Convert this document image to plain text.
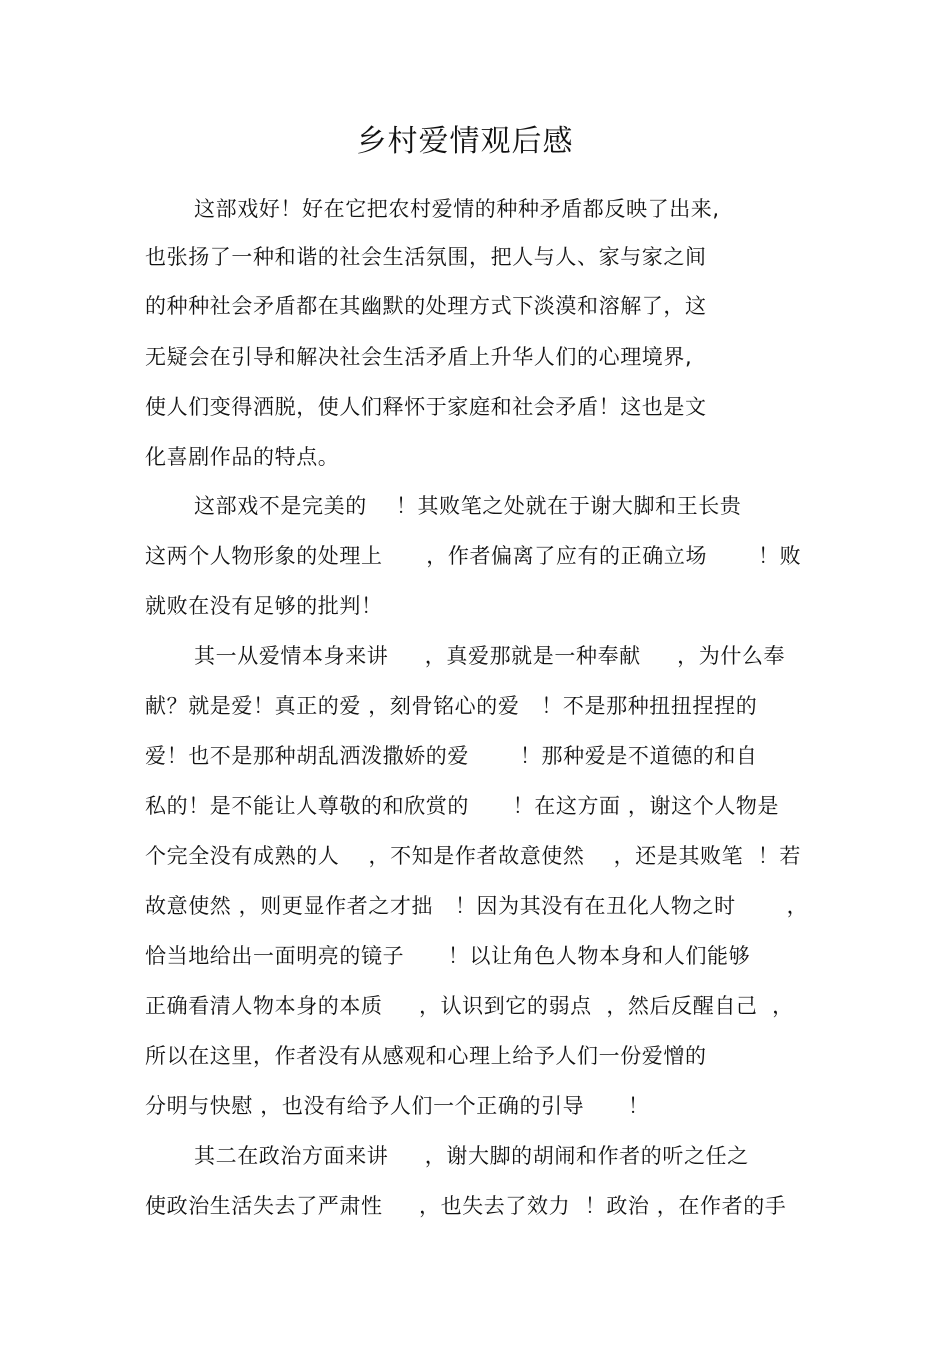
乡村爱情观后感
这部戏好！好在它把农村爱情的种种矛盾都反映了出来,
也张扬了一种和谐的社会生活氛围，把人与人、家与家之间
的种种社会矛盾都在其幽默的处理方式下淡漠和溶解了，这
无疑会在引导和解决社会生活矛盾上升华人们的心理境界,
使人们变得洒脱，使人们释怀于家庭和社会矛盾！这也是文
化喜剧作品的特点。
这部戏不是完美的    ！其败笔之处就在于谢大脚和王长贵
这两个人物形象的处理上      ，作者偏离了应有的正确立场       ！败
就败在没有足够的批判！
其一从爱情本身来讲     ，真爱那就是一种奉献     ，为什么奉
献？就是爱！真正的爱 ，刻骨铭心的爱   ！不是那种扭扭捏捏的
爱！也不是那种胡乱洒泼撒娇的爱       ！那种爱是不道德的和自
私的！是不能让人尊敬的和欣赏的      ！在这方面 ，谢这个人物是
个完全没有成熟的人    ，不知是作者故意使然    ，还是其败笔  ！若
故意使然 ，则更显作者之才拙   ！因为其没有在丑化人物之时       ，
恰当地给出一面明亮的镜子      ！以让角色人物本身和人们能够
正确看清人物本身的本质     ，认识到它的弱点  ，然后反醒自己  ，
所以在这里，作者没有从感观和心理上给予人们一份爱憎的
分明与快慰 ，也没有给予人们一个正确的引导      ！
其二在政治方面来讲     ，谢大脚的胡闹和作者的听之任之
使政治生活失去了严肃性     ，也失去了效力  ！政治 ，在作者的手
